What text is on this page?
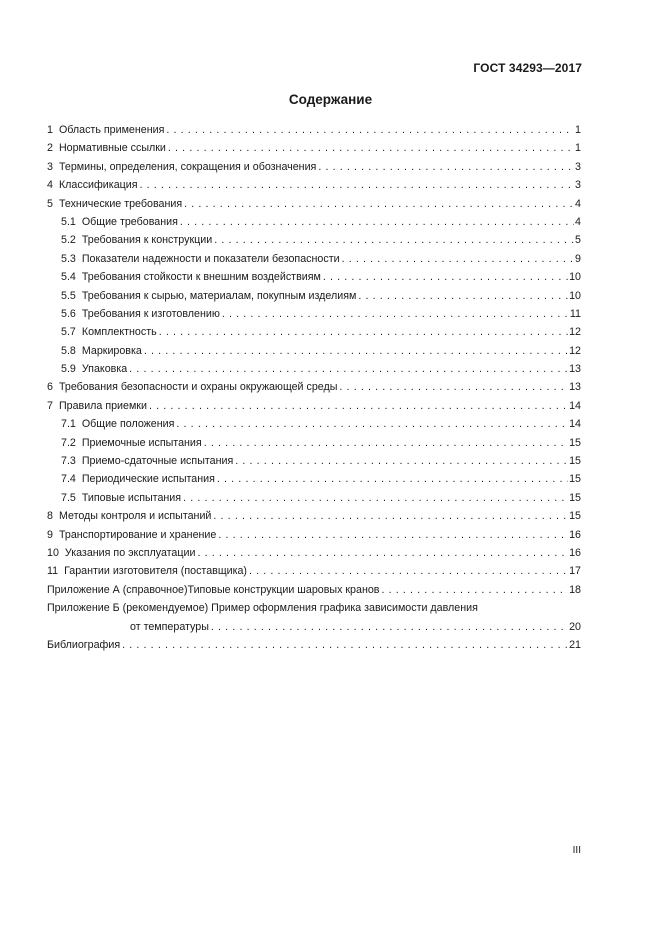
ГОСТ 34293—2017
Содержание
1 Область применения . . .	1
2 Нормативные ссылки . . .	1
3 Термины, определения, сокращения и обозначения . . .	3
4 Классификация . . .	3
5 Технические требования . . .	4
5.1 Общие требования . . .	4
5.2 Требования к конструкции . . .	5
5.3 Показатели надежности и показатели безопасности . . .	9
5.4 Требования стойкости к внешним воздействиям . . .	10
5.5 Требования к сырью, материалам, покупным изделиям . . .	10
5.6 Требования к изготовлению . . .	11
5.7 Комплектность . . .	12
5.8 Маркировка . . .	12
5.9 Упаковка . . .	13
6 Требования безопасности и охраны окружающей среды . . .	13
7 Правила приемки . . .	14
7.1 Общие положения . . .	14
7.2 Приемочные испытания . . .	15
7.3 Приемо-сдаточные испытания . . .	15
7.4 Периодические испытания . . .	15
7.5 Типовые испытания . . .	15
8 Методы контроля и испытаний . . .	15
9 Транспортирование и хранение . . .	16
10 Указания по эксплуатации . . .	16
11 Гарантии изготовителя (поставщика) . . .	17
Приложение А (справочное)Типовые конструкции шаровых кранов . . .	18
Приложение Б (рекомендуемое) Пример оформления графика зависимости давления
от температуры . . .	20
Библиография . . .	21
III
